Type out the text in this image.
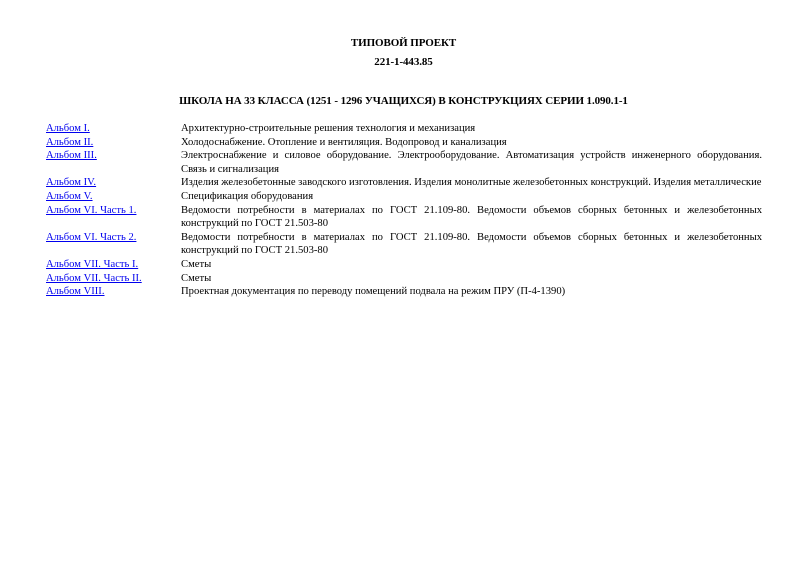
ТИПОВОЙ ПРОЕКТ
221-1-443.85
ШКОЛА НА 33 КЛАССА (1251 - 1296 УЧАЩИХСЯ) В КОНСТРУКЦИЯХ СЕРИИ 1.090.1-1
Альбом I.	Архитектурно-строительные решения технология и механизация
Альбом II.	Холодоснабжение. Отопление и вентиляция. Водопровод и канализация
Альбом III.	Электроснабжение и силовое оборудование. Электрооборудование. Автоматизация устройств инженерного оборудования. Связь и сигнализация
Альбом IV.	Изделия железобетонные заводского изготовления. Изделия монолитные железобетонных конструкций. Изделия металлические
Альбом V.	Спецификация оборудования
Альбом VI. Часть 1.	Ведомости потребности в материалах по ГОСТ 21.109-80. Ведомости объемов сборных бетонных и железобетонных конструкций по ГОСТ 21.503-80
Альбом VI. Часть 2.	Ведомости потребности в материалах по ГОСТ 21.109-80. Ведомости объемов сборных бетонных и железобетонных конструкций по ГОСТ 21.503-80
Альбом VII. Часть I.	Сметы
Альбом VII. Часть II.	Сметы
Альбом VIII.	Проектная документация по переводу помещений подвала на режим ПРУ (П-4-1390)
